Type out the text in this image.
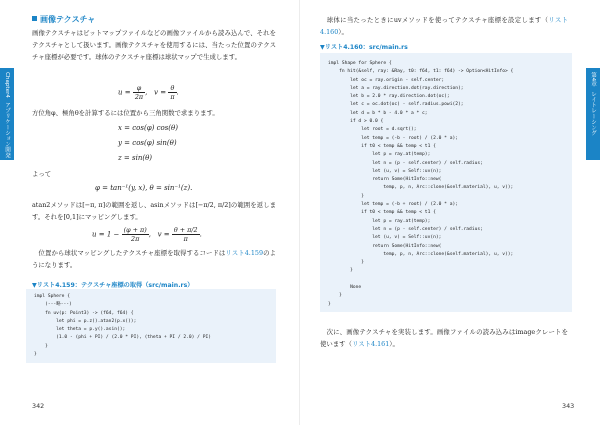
Chapter4
アプリケーション開発
画像テクスチャ

画像テクスチャはビットマップファイルなどの画像ファイルから読み込んで、それをテクスチャとして扱います。画像テクスチャを使用するには、当たった位置のテクスチャ座標が必要です。球体のテクスチャ座標は球状マップで生成します。

$u = \frac{\varphi}{2\pi}$ , $v = \frac{\theta}{\pi}$ .

方位角φ、極角θを計算するには位置から三角関数で求まります。

x = cos(φ) cos(θ)
y = cos(φ) sin(θ)
z = sin(θ)

よって

φ = tan⁻¹(y, x), θ = sin⁻¹(z).

atan2メソッドは[−π, π]の範囲を返し、asinメソッドは[−π/2, π/2]の範囲を返します。それを[0,1]にマッピングします。

$u = 1 - \frac{(\varphi + \pi)}{2\pi}$ , $v = \frac{\theta + \pi/2}{\pi}$ .

　位置から球状マッピングしたテクスチャ座標を取得するコードはリスト4.159のようになります。

▼リスト4.159：テクスチャ座標の取得（src/main.rs）
impl Sphere {
(---略---)
fn uv(p: Point3) -> (f64, f64) {
let phi = p.z().atan2(p.x());
let theta = p.y().asin();
(1.0 - (phi + PI) / (2.0 * PI), (theta + PI / 2.0) / PI)
}
}
342

　球体に当たったときにuvメソッドを使ってテクスチャ座標を設定します（リスト4.160）。

▼リスト4.160：src/main.rs
impl Shape for Sphere {
fn hit(&self, ray: &Ray, t0: f64, t1: f64) -> Option<HitInfo> {
let oc = ray.origin - self.center;
let a = ray.direction.dot(ray.direction);
let b = 2.0 * ray.direction.dot(oc);
let c = oc.dot(oc) - self.radius.powi(2);
let d = b * b - 4.0 * a * c;
if d > 0.0 {
let root = d.sqrt();
let temp = (-b - root) / (2.0 * a);
if t0 < temp && temp < t1 {
let p = ray.at(temp);
let n = (p - self.center) / self.radius;
let (u, v) = Self::uv(n);
return Some(HitInfo::new(
temp, p, n, Arc::clone(&self.material), u, v));
}
let temp = (-b + root) / (2.0 * a);
if t0 < temp && temp < t1 {
let p = ray.at(temp);
let n = (p - self.center) / self.radius;
let (u, v) = Self::uv(n);
return Some(HitInfo::new(
temp, p, n, Arc::clone(&self.material), u, v));
}
}

None
}
}

　次に、画像テクスチャを実装します。画像ファイルの読み込みはimageクレートを使います（リスト4.161）。

343
第4章
レイトレーシング
